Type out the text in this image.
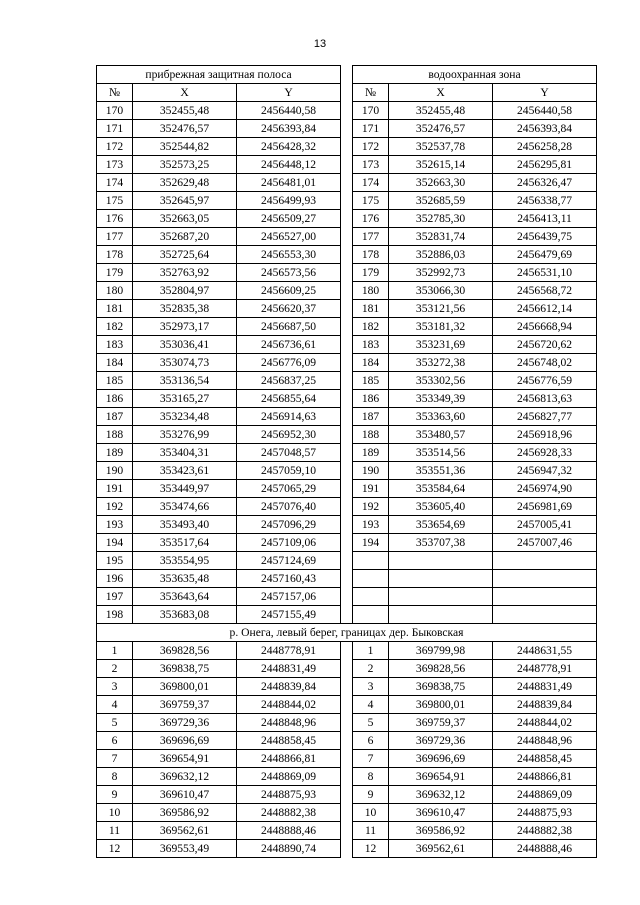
13
прибрежная защитная полоса				водоохранная зона		
№	X	Y		№	X	Y
170	352455,48	2456440,58		170	352455,48	2456440,58
171	352476,57	2456393,84		171	352476,57	2456393,84
172	352544,82	2456428,32		172	352537,78	2456258,28
173	352573,25	2456448,12		173	352615,14	2456295,81
174	352629,48	2456481,01		174	352663,30	2456326,47
175	352645,97	2456499,93		175	352685,59	2456338,77
176	352663,05	2456509,27		176	352785,30	2456413,11
177	352687,20	2456527,00		177	352831,74	2456439,75
178	352725,64	2456553,30		178	352886,03	2456479,69
179	352763,92	2456573,56		179	352992,73	2456531,10
180	352804,97	2456609,25		180	353066,30	2456568,72
181	352835,38	2456620,37		181	353121,56	2456612,14
182	352973,17	2456687,50		182	353181,32	2456668,94
183	353036,41	2456736,61		183	353231,69	2456720,62
184	353074,73	2456776,09		184	353272,38	2456748,02
185	353136,54	2456837,25		185	353302,56	2456776,59
186	353165,27	2456855,64		186	353349,39	2456813,63
187	353234,48	2456914,63		187	353363,60	2456827,77
188	353276,99	2456952,30		188	353480,57	2456918,96
189	353404,31	2457048,57		189	353514,56	2456928,33
190	353423,61	2457059,10		190	353551,36	2456947,32
191	353449,97	2457065,29		191	353584,64	2456974,90
192	353474,66	2457076,40		192	353605,40	2456981,69
193	353493,40	2457096,29		193	353654,69	2457005,41
194	353517,64	2457109,06		194	353707,38	2457007,46
195	353554,95	2457124,69				
196	353635,48	2457160,43				
197	353643,64	2457157,06				
198	353683,08	2457155,49				
р. Онега, левый берег, границах дер. Быковская						
1	369828,56	2448778,91		1	369799,98	2448631,55
2	369838,75	2448831,49		2	369828,56	2448778,91
3	369800,01	2448839,84		3	369838,75	2448831,49
4	369759,37	2448844,02		4	369800,01	2448839,84
5	369729,36	2448848,96		5	369759,37	2448844,02
6	369696,69	2448858,45		6	369729,36	2448848,96
7	369654,91	2448866,81		7	369696,69	2448858,45
8	369632,12	2448869,09		8	369654,91	2448866,81
9	369610,47	2448875,93		9	369632,12	2448869,09
10	369586,92	2448882,38		10	369610,47	2448875,93
11	369562,61	2448888,46		11	369586,92	2448882,38
12	369553,49	2448890,74		12	369562,61	2448888,46
